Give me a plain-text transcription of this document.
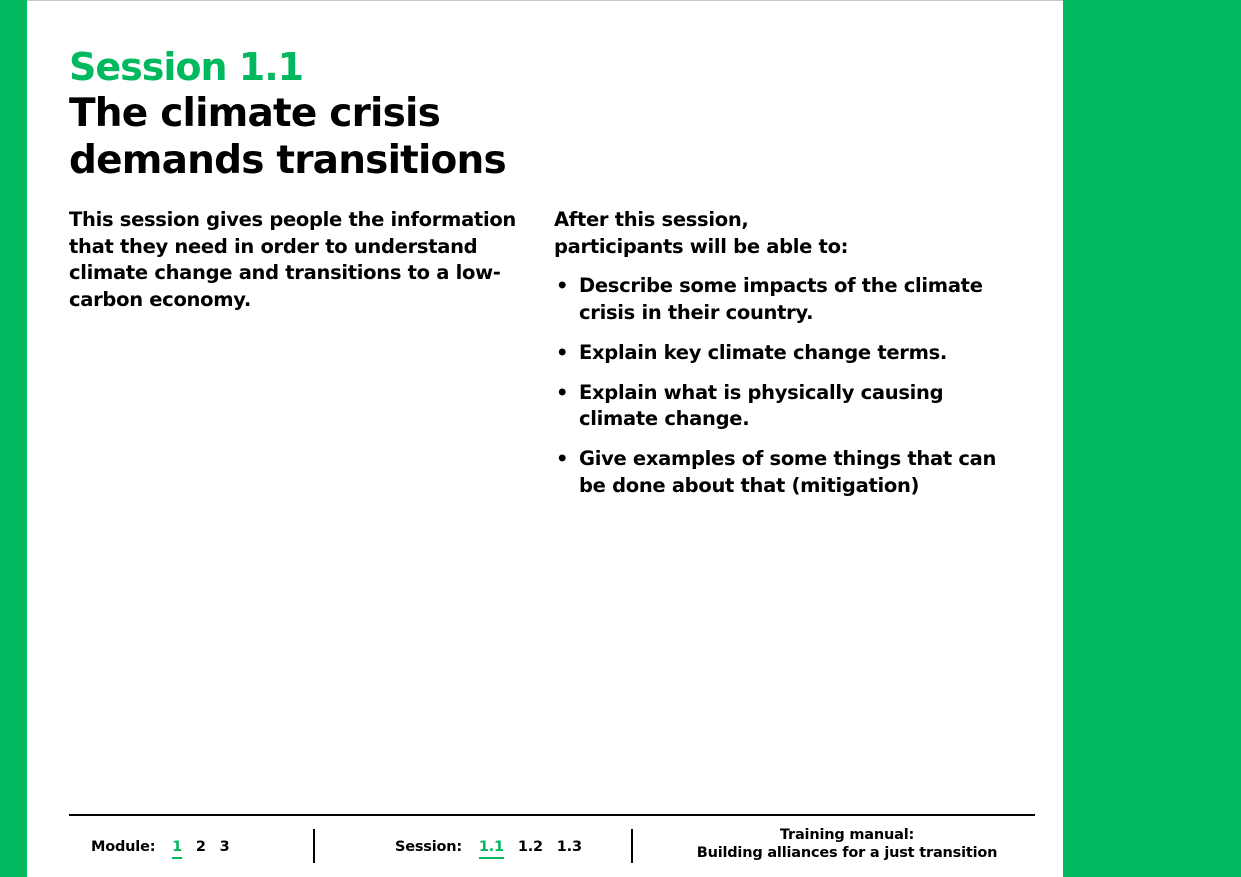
Session 1.1
The climate crisis
demands transitions
This session gives people the information
that they need in order to understand
climate change and transitions to a low-
carbon economy.
After this session,
participants will be able to:
• Describe some impacts of the climate
crisis in their country.
• Explain key climate change terms.
• Explain what is physically causing
climate change.
• Give examples of some things that can
be done about that (mitigation)
Module: 1 2 3	Session: 1.1 1.2 1.3
Training manual:
Building alliances for a just transition
